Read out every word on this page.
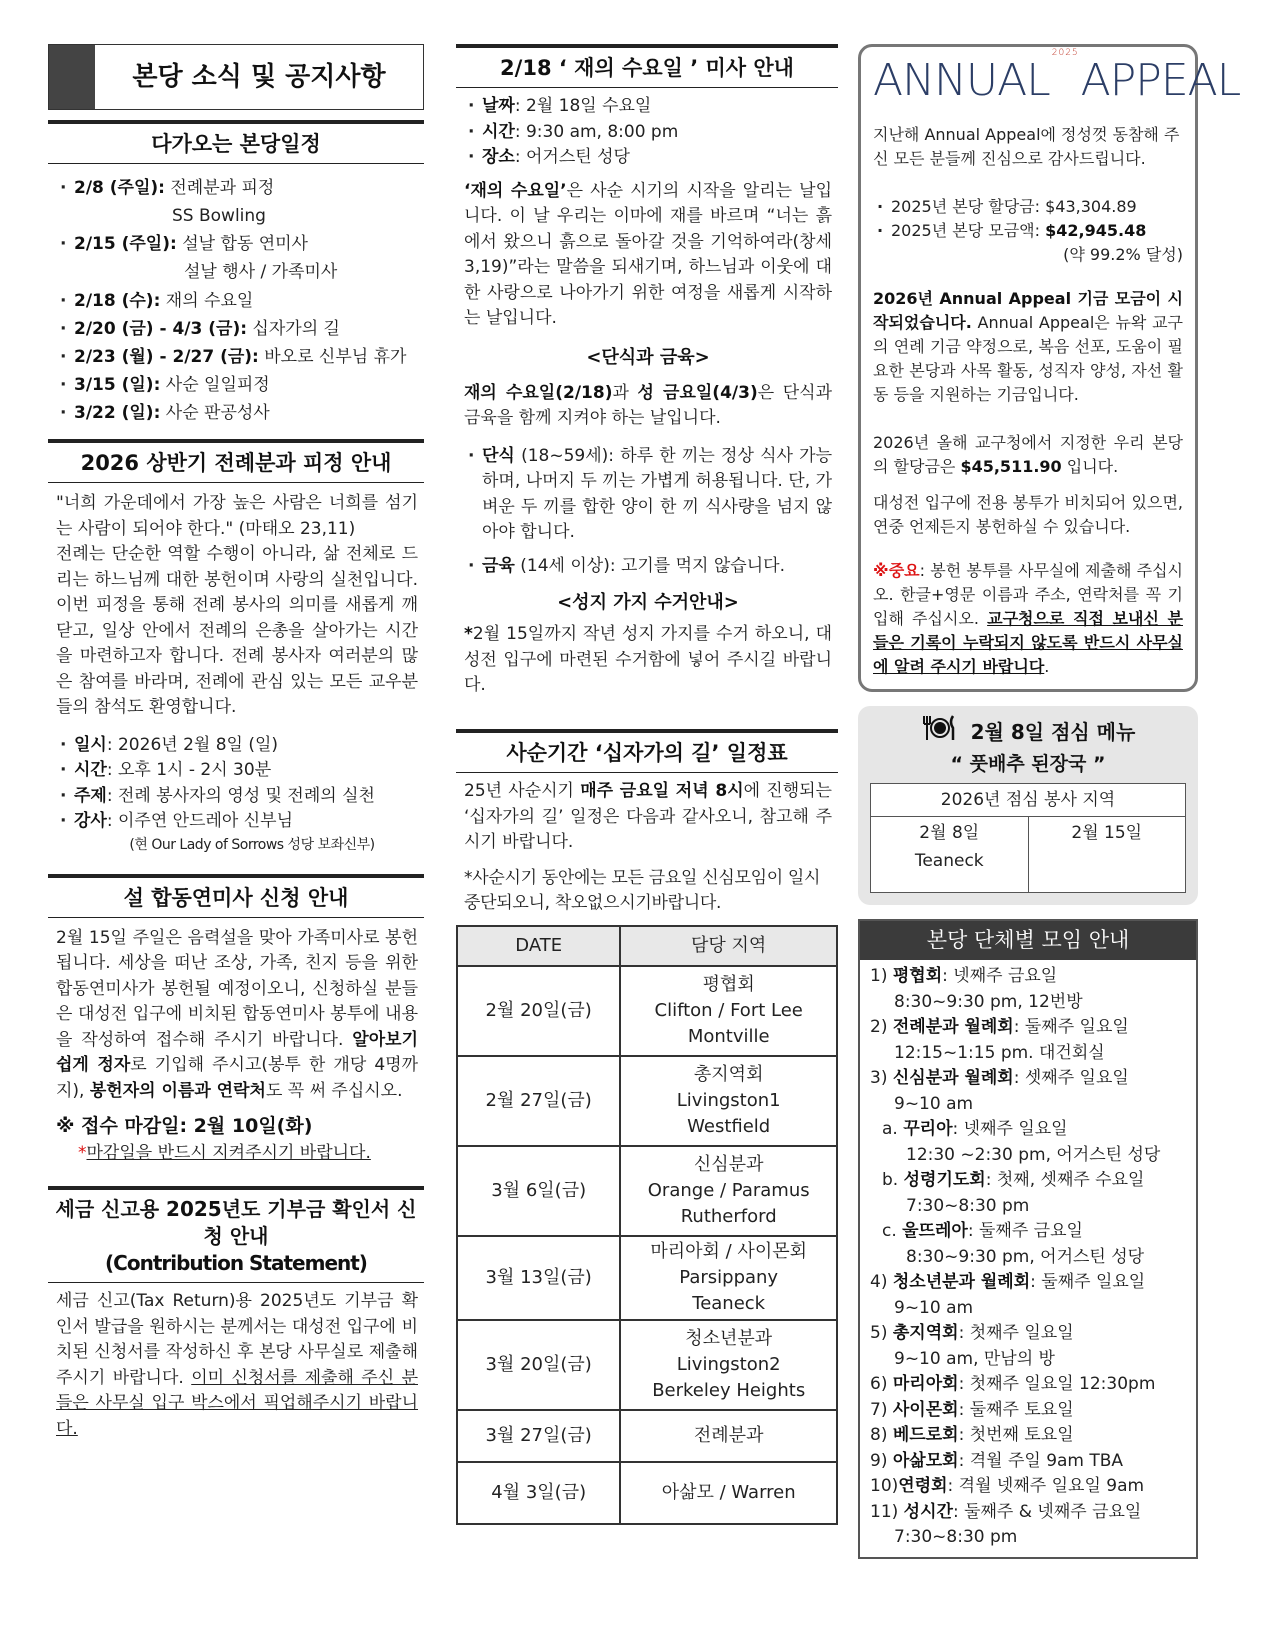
본당 소식 및 공지사항
다가오는 본당일정
· 2/8 (주일): 전례분과 피정
SS Bowling
· 2/15 (주일): 설날 합동 연미사
설날 행사 / 가족미사
· 2/18 (수): 재의 수요일
· 2/20 (금) - 4/3 (금): 십자가의 길
· 2/23 (월) - 2/27 (금): 바오로 신부님 휴가
· 3/15 (일): 사순 일일피정
· 3/22 (일): 사순 판공성사
2026 상반기 전례분과 피정 안내

"너희 가운데에서 가장 높은 사람은 너희를 섬기는 사람이 되어야 한다." (마태오 23,11)

전례는 단순한 역할 수행이 아니라, 삶 전체로 드리는 하느님께 대한 봉헌이며 사랑의 실천입니다. 이번 피정을 통해 전례 봉사의 의미를 새롭게 깨닫고, 일상 안에서 전례의 은총을 살아가는 시간을 마련하고자 합니다. 전례 봉사자 여러분의 많은 참여를 바라며, 전례에 관심 있는 모든 교우분들의 참석도 환영합니다.

· 일시: 2026년 2월 8일 (일)
· 시간: 오후 1시 - 2시 30분
· 주제: 전례 봉사자의 영성 및 전례의 실천
· 강사: 이주연 안드레아 신부님

(현 Our Lady of Sorrows 성당 보좌신부)

설 합동연미사 신청 안내

2월 15일 주일은 음력설을 맞아 가족미사로 봉헌됩니다. 세상을 떠난 조상, 가족, 친지 등을 위한 합동연미사가 봉헌될 예정이오니, 신청하실 분들은 대성전 입구에 비치된 합동연미사 봉투에 내용을 작성하여 접수해 주시기 바랍니다. 알아보기 쉽게 정자로 기입해 주시고(봉투 한 개당 4명까지), 봉헌자의 이름과 연락처도 꼭 써 주십시오.

※ 접수 마감일: 2월 10일(화)

*마감일을 반드시 지켜주시기 바랍니다.

세금 신고용 2025년도 기부금 확인서 신청 안내
(Contribution Statement)

세금 신고(Tax Return)용 2025년도 기부금 확인서 발급을 원하시는 분께서는 대성전 입구에 비치된 신청서를 작성하신 후 본당 사무실로 제출해 주시기 바랍니다. 이미 신청서를 제출해 주신 분들은 사무실 입구 박스에서 픽업해주시기 바랍니다.

2/18 ‘ 재의 수요일 ’ 미사 안내
· 날짜: 2월 18일 수요일
· 시간: 9:30 am, 8:00 pm
· 장소: 어거스틴 성당

‘재의 수요일’은 사순 시기의 시작을 알리는 날입니다. 이 날 우리는 이마에 재를 바르며 “너는 흙에서 왔으니 흙으로 돌아갈 것을 기억하여라(창세3,19)”라는 말씀을 되새기며, 하느님과 이웃에 대한 사랑으로 나아가기 위한 여정을 새롭게 시작하는 날입니다.

<단식과 금육>

재의 수요일(2/18)과 성 금요일(4/3)은 단식과 금육을 함께 지켜야 하는 날입니다.

· 단식 (18~59세): 하루 한 끼는 정상 식사 가능하며, 나머지 두 끼는 가볍게 허용됩니다. 단, 가벼운 두 끼를 합한 양이 한 끼 식사량을 넘지 않아야 합니다.
· 금육 (14세 이상): 고기를 먹지 않습니다.

<성지 가지 수거안내>

*2월 15일까지 작년 성지 가지를 수거 하오니, 대성전 입구에 마련된 수거함에 넣어 주시길 바랍니다.

사순기간 ‘십자가의 길’ 일정표

25년 사순시기 매주 금요일 저녁 8시에 진행되는 ‘십자가의 길’ 일정은 다음과 같사오니, 참고해 주시기 바랍니다.

*사순시기 동안에는 모든 금요일 신심모임이 일시 중단되오니, 착오없으시기바랍니다.

DATE	담당 지역
2월 20일(금)	평협회
Clifton / Fort Lee
Montville

2월 27일(금)	총지역회
Livingston1
Westfield

3월 6일(금)	신심분과
Orange / Paramus
Rutherford

3월 13일(금)	마리아회 / 사이몬회
Parsippany
Teaneck

3월 20일(금)	청소년분과
Livingston2
Berkeley Heights

3월 27일(금)	전례분과

4월 3일(금)	아삶모 / Warren
$ANNUAL^{2025}APPEAL$

지난해 Annual Appeal에 정성껏 동참해 주신 모든 분들께 진심으로 감사드립니다.

· 2025년 본당 할당금: $43,304.89
· 2025년 본당 모금액: $42,945.48

(약 99.2% 달성)

2026년 Annual Appeal 기금 모금이 시작되었습니다. Annual Appeal은 뉴왁 교구의 연례 기금 약정으로, 복음 선포, 도움이 필요한 본당과 사목 활동, 성직자 양성, 자선 활동 등을 지원하는 기금입니다.

2026년 올해 교구청에서 지정한 우리 본당의 할당금은 $45,511.90 입니다.

대성전 입구에 전용 봉투가 비치되어 있으면, 연중 언제든지 봉헌하실 수 있습니다.

※중요: 봉헌 봉투를 사무실에 제출해 주십시오. 한글+영문 이름과 주소, 연락처를 꼭 기입해 주십시오. 교구청으로 직접 보내신 분들은 기록이 누락되지 않도록 반드시 사무실에 알려 주시기 바랍니다.

2월 8일 점심 메뉴
“ 풋배추 된장국 ”
2026년 점심 봉사 지역

2월 8일
Teaneck

2월 15일
본당 단체별 모임 안내
1) 평협회: 넷째주 금요일
8:30~9:30 pm, 12번방
2) 전례분과 월례회: 둘째주 일요일
12:15~1:15 pm. 대건회실
3) 신심분과 월례회: 셋째주 일요일
9~10 am
a. 꾸리아: 넷째주 일요일
12:30 ~2:30 pm, 어거스틴 성당
b. 성령기도회: 첫째, 셋째주 수요일
7:30~8:30 pm
c. 울뜨레아: 둘째주 금요일
8:30~9:30 pm, 어거스틴 성당
4) 청소년분과 월례회: 둘째주 일요일
9~10 am
5) 총지역회: 첫째주 일요일
9~10 am, 만남의 방
6) 마리아회: 첫째주 일요일 12:30pm
7) 사이몬회: 둘째주 토요일
8) 베드로회: 첫번째 토요일
9) 아삶모회: 격월 주일 9am TBA
10)연령회: 격월 넷째주 일요일 9am
11) 성시간: 둘째주 & 넷째주 금요일
7:30~8:30 pm
